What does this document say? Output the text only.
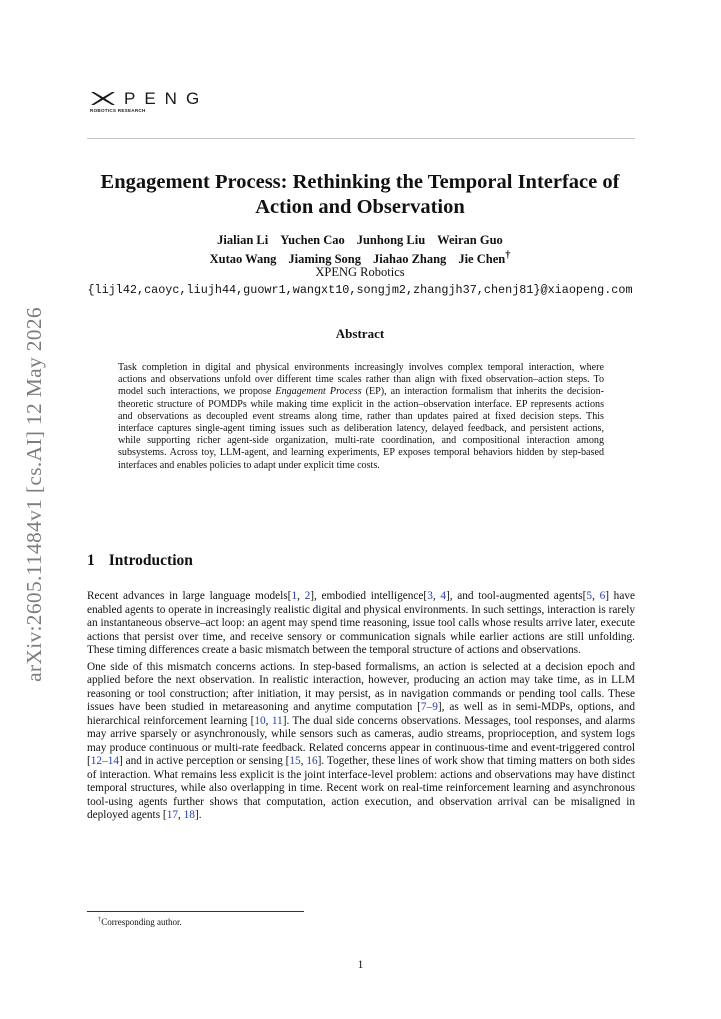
PENG
ROBOTICS RESEARCH
arXiv:2605.11484v1 [cs.AI] 12 May 2026
Engagement Process: Rethinking the Temporal Interface of
Action and Observation
Jialian Li Yuchen Cao Junhong Liu Weiran Guo
Xutao Wang Jiaming Song Jiahao Zhang Jie Chen†
XPENG Robotics
{lijl42,caoyc,liujh44,guowr1,wangxt10,songjm2,zhangjh37,chenj81}@xiaopeng.com
Abstract
Task completion in digital and physical environments increasingly involves complex temporal interaction, where actions and observations unfold over different time scales rather than align with fixed observation–action steps. To model such interactions, we propose Engagement Process (EP), an interaction formalism that inherits the decision-theoretic structure of POMDPs while making time explicit in the action–observation interface. EP represents actions and observations as decoupled event streams along time, rather than updates paired at fixed decision steps. This interface captures single-agent timing issues such as deliberation latency, delayed feedback, and persistent actions, while supporting richer agent-side organization, multi-rate coordination, and compositional interaction among subsystems. Across toy, LLM-agent, and learning experiments, EP exposes temporal behaviors hidden by step-based interfaces and enables policies to adapt under explicit time costs.
1 Introduction

Recent advances in large language models[1, 2], embodied intelligence[3, 4], and tool-augmented agents[5, 6] have enabled agents to operate in increasingly realistic digital and physical environments. In such settings, interaction is rarely an instantaneous observe–act loop: an agent may spend time reasoning, issue tool calls whose results arrive later, execute actions that persist over time, and receive sensory or communication signals while earlier actions are still unfolding. These timing differences create a basic mismatch between the temporal structure of actions and observations.

One side of this mismatch concerns actions. In step-based formalisms, an action is selected at a decision epoch and applied before the next observation. In realistic interaction, however, producing an action may take time, as in LLM reasoning or tool construction; after initiation, it may persist, as in navigation commands or pending tool calls. These issues have been studied in metareasoning and anytime computation [7–9], as well as in semi-MDPs, options, and hierarchical reinforcement learning [10, 11]. The dual side concerns observations. Messages, tool responses, and alarms may arrive sparsely or asynchronously, while sensors such as cameras, audio streams, proprioception, and system logs may produce continuous or multi-rate feedback. Related concerns appear in continuous-time and event-triggered control [12–14] and in active perception or sensing [15, 16]. Together, these lines of work show that timing matters on both sides of interaction. What remains less explicit is the joint interface-level problem: actions and observations may have distinct temporal structures, while also overlapping in time. Recent work on real-time reinforcement learning and asynchronous tool-using agents further shows that computation, action execution, and observation arrival can be misaligned in deployed agents [17, 18].

†Corresponding author.
1
